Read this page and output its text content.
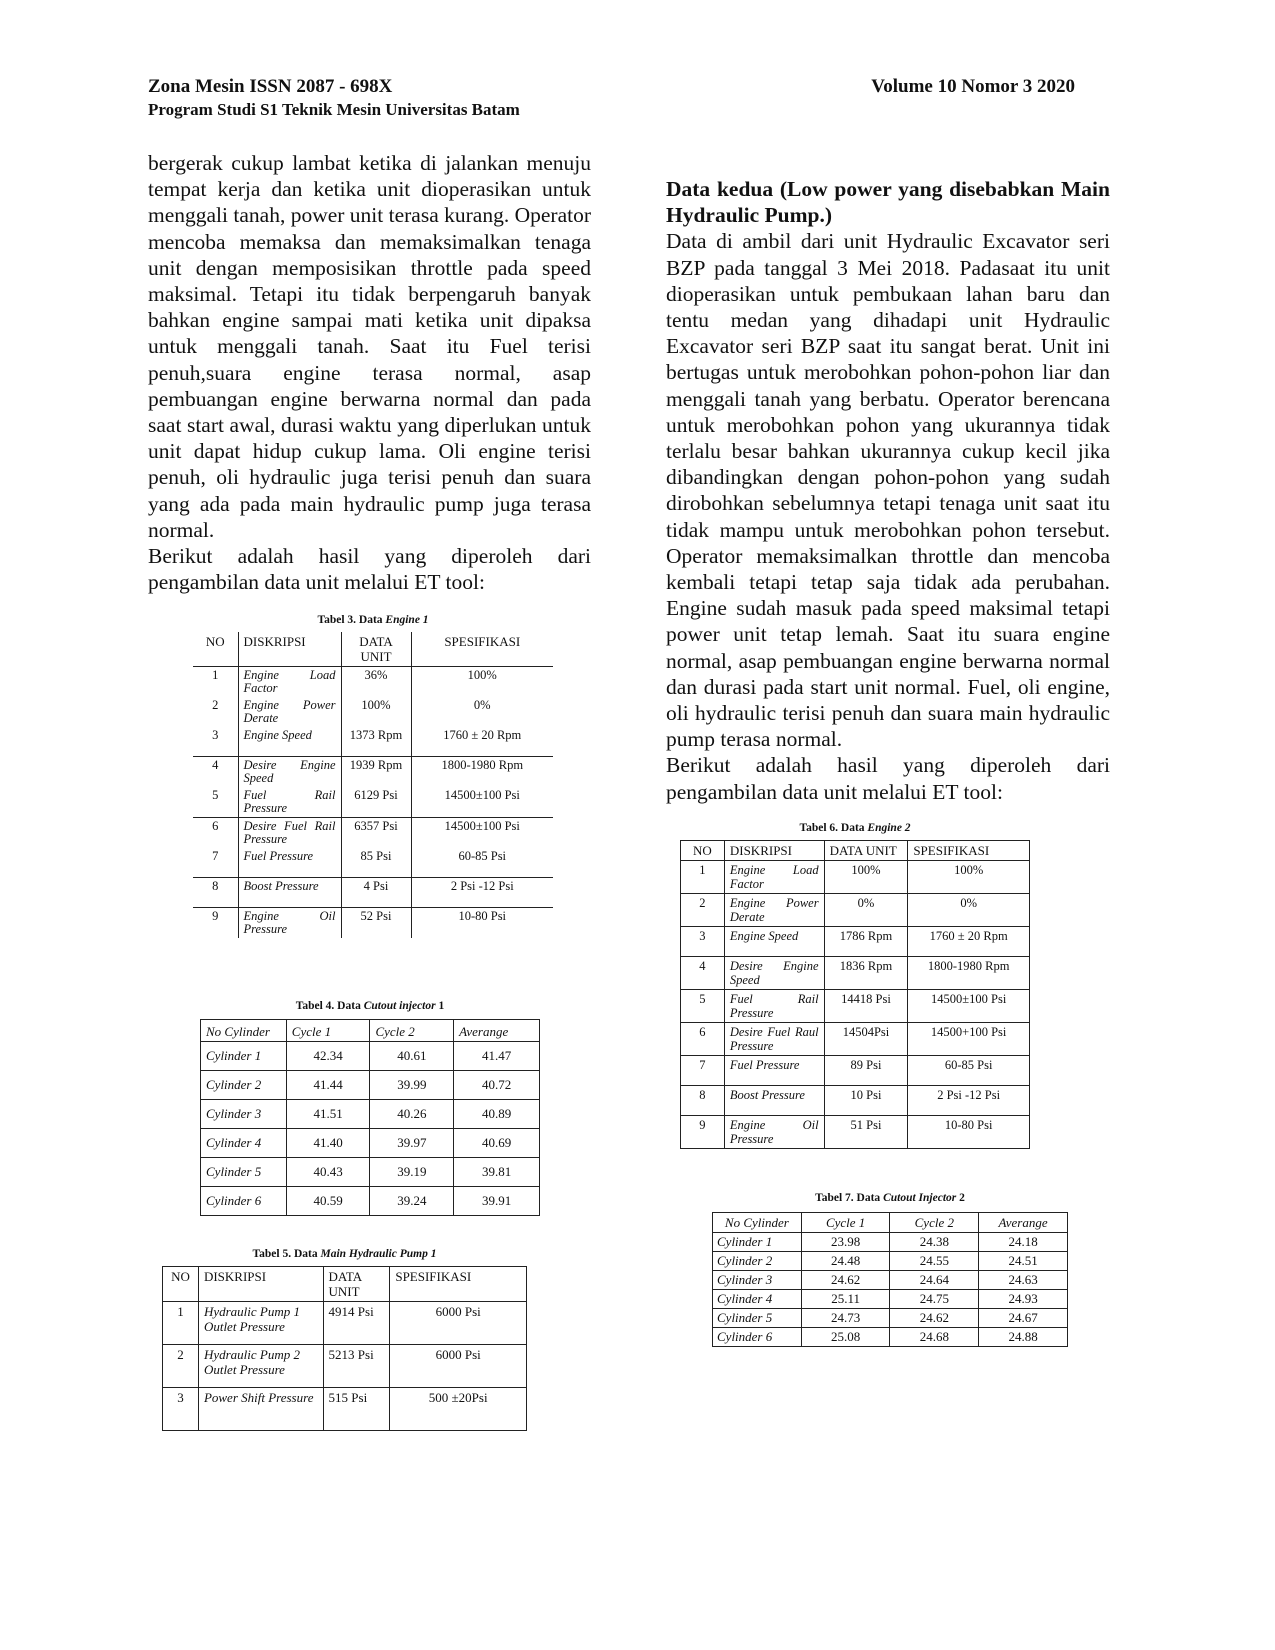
Zona Mesin ISSN 2087 - 698X	Volume 10 Nomor 3 2020
Program Studi S1 Teknik Mesin Universitas Batam

bergerak cukup lambat ketika di jalankan menuju tempat kerja dan ketika unit dioperasikan untuk menggali tanah, power unit terasa kurang. Operator mencoba memaksa dan memaksimalkan tenaga unit dengan memposisikan throttle pada speed maksimal. Tetapi itu tidak berpengaruh banyak bahkan engine sampai mati ketika unit dipaksa untuk menggali tanah. Saat itu Fuel terisi penuh,suara engine terasa normal, asap pembuangan engine berwarna normal dan pada saat start awal, durasi waktu yang diperlukan untuk unit dapat hidup cukup lama. Oli engine terisi penuh, oli hydraulic juga terisi penuh dan suara yang ada pada main hydraulic pump juga terasa normal.

Berikut adalah hasil yang diperoleh dari pengambilan data unit melalui ET tool:

Data kedua (Low power yang disebabkan Main Hydraulic Pump.)

Data di ambil dari unit Hydraulic Excavator seri BZP pada tanggal 3 Mei 2018. Padasaat itu unit dioperasikan untuk pembukaan lahan baru dan tentu medan yang dihadapi unit Hydraulic Excavator seri BZP saat itu sangat berat. Unit ini bertugas untuk merobohkan pohon-pohon liar dan menggali tanah yang berbatu. Operator berencana untuk merobohkan pohon yang ukurannya tidak terlalu besar bahkan ukurannya cukup kecil jika dibandingkan dengan pohon-pohon yang sudah dirobohkan sebelumnya tetapi tenaga unit saat itu tidak mampu untuk merobohkan pohon tersebut. Operator memaksimalkan throttle dan mencoba kembali tetapi tetap saja tidak ada perubahan. Engine sudah masuk pada speed maksimal tetapi power unit tetap lemah. Saat itu suara engine normal, asap pembuangan engine berwarna normal dan durasi pada start unit normal. Fuel, oli engine, oli hydraulic terisi penuh dan suara main hydraulic pump terasa normal.

Berikut adalah hasil yang diperoleh dari pengambilan data unit melalui ET tool:

Tabel 3. Data Engine 1
NO	DISKRIPSI	DATA UNIT	SPESIFIKASI
1	Engine Load Factor	36%	100%
2	Engine Power Derate	100%	0%
3	Engine Speed	1373 Rpm	1760 ± 20 Rpm
4	Desire Engine Speed	1939 Rpm	1800-1980 Rpm
5	Fuel Rail Pressure	6129 Psi	14500±100 Psi
6	Desire Fuel Rail Pressure	6357 Psi	14500±100 Psi
7	Fuel Pressure	85 Psi	60-85 Psi
8	Boost Pressure	4 Psi	2 Psi -12 Psi
9	Engine Oil Pressure	52 Psi	10-80 Psi
Tabel 4. Data Cutout injector 1
No Cylinder	Cycle 1	Cycle 2	Averange
Cylinder 1	42.34	40.61	41.47
Cylinder 2	41.44	39.99	40.72
Cylinder 3	41.51	40.26	40.89
Cylinder 4	41.40	39.97	40.69
Cylinder 5	40.43	39.19	39.81
Cylinder 6	40.59	39.24	39.91
Tabel 5. Data Main Hydraulic Pump 1
NO	DISKRIPSI	DATA UNIT	SPESIFIKASI
1	Hydraulic Pump 1 Outlet Pressure	4914 Psi	6000 Psi
2	Hydraulic Pump 2 Outlet Pressure	5213 Psi	6000 Psi
3	Power Shift Pressure	515 Psi	500 ±20Psi
Tabel 6. Data Engine 2
NO	DISKRIPSI	DATA UNIT	SPESIFIKASI
1	Engine Load Factor	100%	100%
2	Engine Power Derate	0%	0%
3	Engine Speed	1786 Rpm	1760 ± 20 Rpm
4	Desire Engine Speed	1836 Rpm	1800-1980 Rpm
5	Fuel Rail Pressure	14418 Psi	14500±100 Psi
6	Desire Fuel Raul Pressure	14504Psi	14500+100 Psi
7	Fuel Pressure	89 Psi	60-85 Psi
8	Boost Pressure	10 Psi	2 Psi -12 Psi
9	Engine Oil Pressure	51 Psi	10-80 Psi
Tabel 7. Data Cutout Injector 2
No Cylinder	Cycle 1	Cycle 2	Averange
Cylinder 1	23.98	24.38	24.18
Cylinder 2	24.48	24.55	24.51
Cylinder 3	24.62	24.64	24.63
Cylinder 4	25.11	24.75	24.93
Cylinder 5	24.73	24.62	24.67
Cylinder 6	25.08	24.68	24.88
